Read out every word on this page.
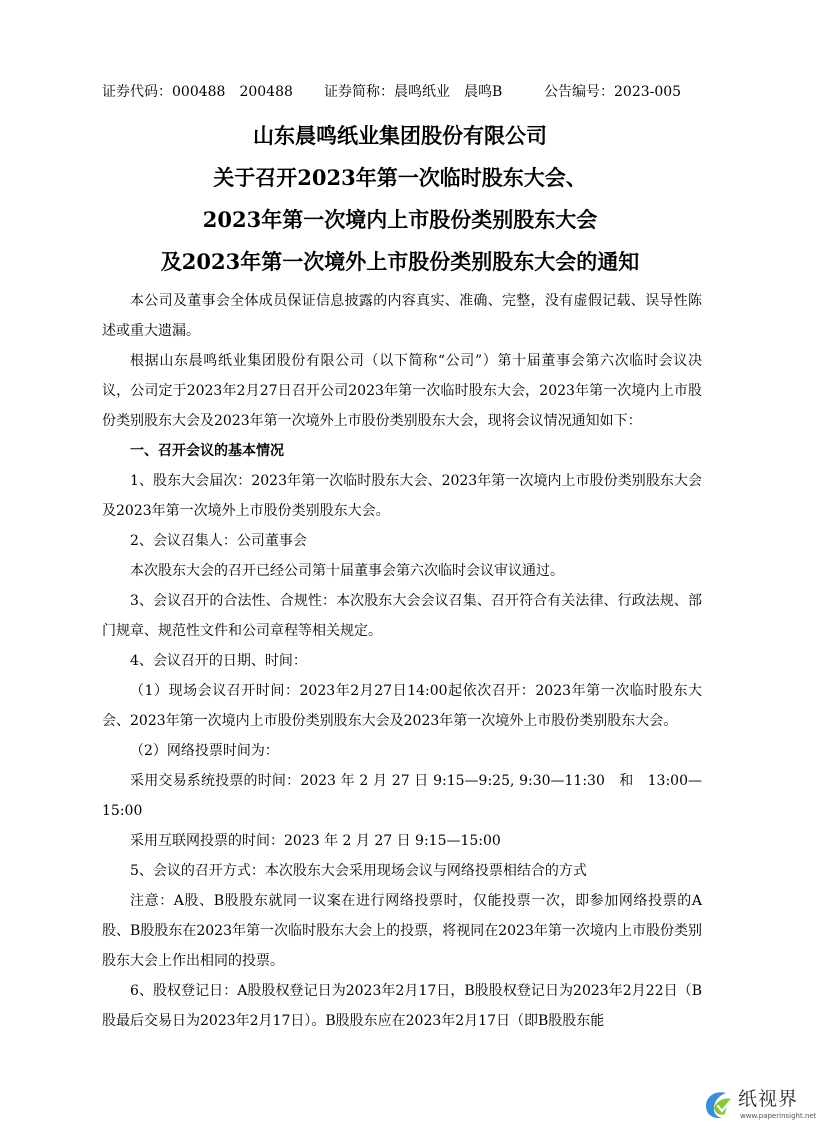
证券代码：000488　200488 证券简称：晨鸣纸业　晨鸣B	公告编号：2023-005

山东晨鸣纸业集团股份有限公司

关于召开2023年第一次临时股东大会、

2023年第一次境内上市股份类别股东大会

及2023年第一次境外上市股份类别股东大会的通知

本公司及董事会全体成员保证信息披露的内容真实、准确、完整，没有虚假记载、误导性陈述或重大遗漏。

根据山东晨鸣纸业集团股份有限公司（以下简称“公司”）第十届董事会第六次临时会议决议，公司定于2023年2月27日召开公司2023年第一次临时股东大会，2023年第一次境内上市股份类别股东大会及2023年第一次境外上市股份类别股东大会，现将会议情况通知如下：

一、召开会议的基本情况

1、股东大会届次：2023年第一次临时股东大会、2023年第一次境内上市股份类别股东大会及2023年第一次境外上市股份类别股东大会。

2、会议召集人：公司董事会

本次股东大会的召开已经公司第十届董事会第六次临时会议审议通过。

3、会议召开的合法性、合规性：本次股东大会会议召集、召开符合有关法律、行政法规、部门规章、规范性文件和公司章程等相关规定。

4、会议召开的日期、时间：

（1）现场会议召开时间：2023年2月27日14:00起依次召开：2023年第一次临时股东大会、2023年第一次境内上市股份类别股东大会及2023年第一次境外上市股份类别股东大会。

（2）网络投票时间为：

采用交易系统投票的时间：2023 年 2 月 27 日 9:15—9:25, 9:30—11:30　和　13:00—15:00

采用互联网投票的时间：2023 年 2 月 27 日 9:15—15:00

5、会议的召开方式：本次股东大会采用现场会议与网络投票相结合的方式

注意：A股、B股股东就同一议案在进行网络投票时，仅能投票一次，即参加网络投票的A股、B股股东在2023年第一次临时股东大会上的投票，将视同在2023年第一次境内上市股份类别股东大会上作出相同的投票。

6、股权登记日：A股股权登记日为2023年2月17日，B股股权登记日为2023年2月22日（B股最后交易日为2023年2月17日）。B股股东应在2023年2月17日（即B股股东能

纸视界
www.paperinsight.net
